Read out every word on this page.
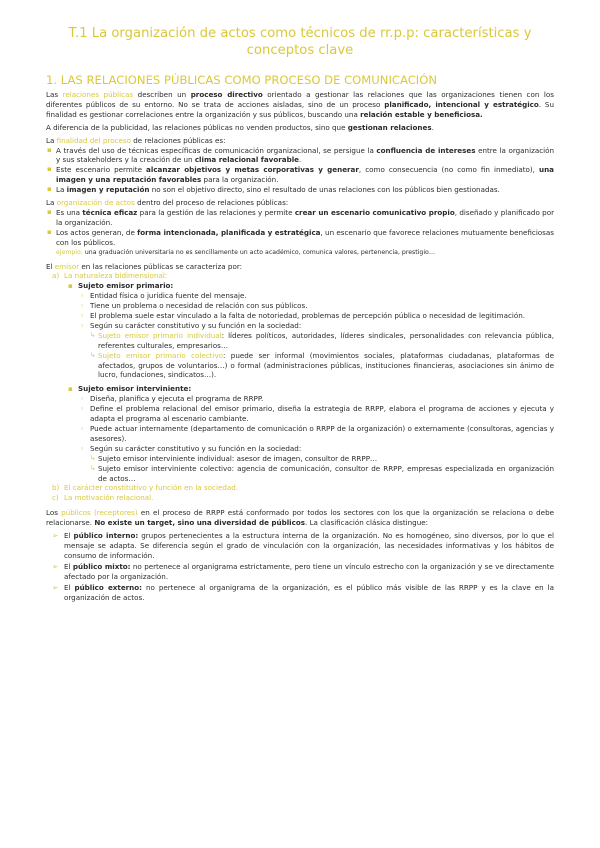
T.1 La organización de actos como técnicos de rr.p.p: características y conceptos clave
1. LAS RELACIONES PÚBLICAS COMO PROCESO DE COMUNICACIÓN

Las relaciones públicas describen un proceso directivo orientado a gestionar las relaciones que las organizaciones tienen con los diferentes públicos de su entorno. No se trata de acciones aisladas, sino de un proceso planificado, intencional y estratégico. Su finalidad es gestionar correlaciones entre la organización y sus públicos, buscando una relación estable y beneficiosa.

A diferencia de la publicidad, las relaciones públicas no venden productos, sino que gestionan relaciones.

La finalidad del proceso de relaciones públicas es:

▪ A través del uso de técnicas específicas de comunicación organizacional, se persigue la confluencia de intereses entre la organización y sus stakeholders y la creación de un clima relacional favorable.
▪ Este escenario permite alcanzar objetivos y metas corporativas y generar, como consecuencia (no como fin inmediato), una imagen y una reputación favorables para la organización.
▪ La imagen y reputación no son el objetivo directo, sino el resultado de unas relaciones con los públicos bien gestionadas.

La organización de actos dentro del proceso de relaciones públicas:

▪ Es una técnica eficaz para la gestión de las relaciones y permite crear un escenario comunicativo propio, diseñado y planificado por la organización.
▪ Los actos generan, de forma intencionada, planificada y estratégica, un escenario que favorece relaciones mutuamente beneficiosas con los públicos.
ejemplo: una graduación universitaria no es sencillamente un acto académico, comunica valores, pertenencia, prestigio…

El emisor en las relaciones públicas se caracteriza por:

a) La naturaleza bidimensional:
▪ Sujeto emisor primario:
◦ Entidad física o jurídica fuente del mensaje.
◦ Tiene un problema o necesidad de relación con sus públicos.
◦ El problema suele estar vinculado a la falta de notoriedad, problemas de percepción pública o necesidad de legitimación.
◦ Según su carácter constitutivo y su función en la sociedad:
↳ Sujeto emisor primario individual: líderes políticos, autoridades, líderes sindicales, personalidades con relevancia pública, referentes culturales, empresarios…
↳ Sujeto emisor primario colectivo: puede ser informal (movimientos sociales, plataformas ciudadanas, plataformas de afectados, grupos de voluntarios…) o formal (administraciones públicas, instituciones financieras, asociaciones sin ánimo de lucro, fundaciones, sindicatos…).
▪ Sujeto emisor interviniente:
◦ Diseña, planifica y ejecuta el programa de RRPP.
◦ Define el problema relacional del emisor primario, diseña la estrategia de RRPP, elabora el programa de acciones y ejecuta y adapta el programa al escenario cambiante.
◦ Puede actuar internamente (departamento de comunicación o RRPP de la organización) o externamente (consultoras, agencias y asesores).
◦ Según su carácter constitutivo y su función en la sociedad:
↳ Sujeto emisor interviniente individual: asesor de imagen, consultor de RRPP…
↳ Sujeto emisor interviniente colectivo: agencia de comunicación, consultor de RRPP, empresas especializada en organización de actos…
b) El carácter constitutivo y función en la sociedad.
c) La motivación relacional.

Los públicos (receptores) en el proceso de RRPP está conformado por todos los sectores con los que la organización se relaciona o debe relacionarse. No existe un target, sino una diversidad de públicos. La clasificación clásica distingue:

➢ El público interno: grupos pertenecientes a la estructura interna de la organización. No es homogéneo, sino diversos, por lo que el mensaje se adapta. Se diferencia según el grado de vinculación con la organización, las necesidades informativas y los hábitos de consumo de información.
➢ El público mixto: no pertenece al organigrama estrictamente, pero tiene un vínculo estrecho con la organización y se ve directamente afectado por la organización.
➢ El público externo: no pertenece al organigrama de la organización, es el público más visible de las RRPP y es la clave en la organización de actos.
